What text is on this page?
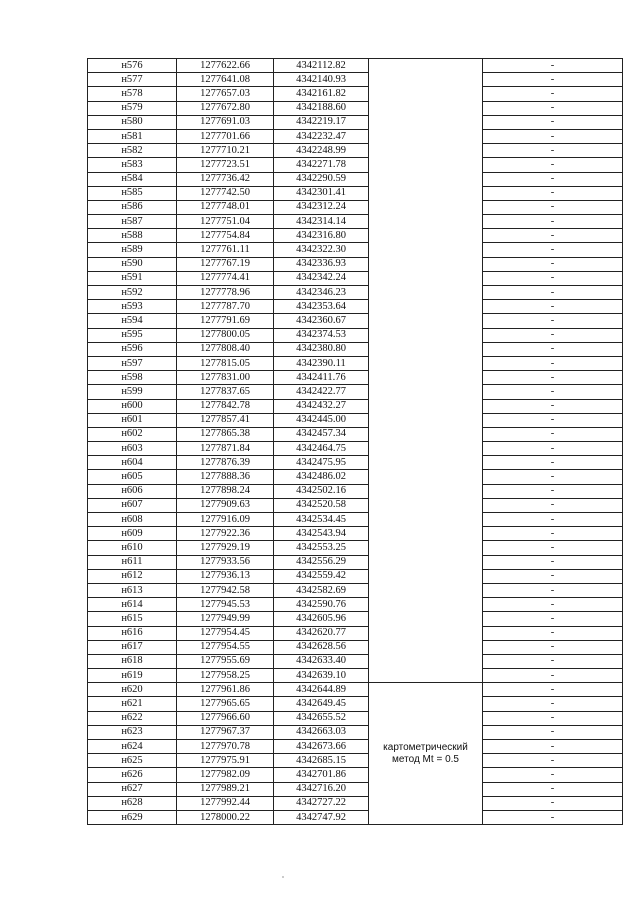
н576	1277622.66	4342112.82		-
н577	1277641.08	4342140.93		-
н578	1277657.03	4342161.82		-
н579	1277672.80	4342188.60		-
н580	1277691.03	4342219.17		-
н581	1277701.66	4342232.47		-
н582	1277710.21	4342248.99		-
н583	1277723.51	4342271.78		-
н584	1277736.42	4342290.59		-
н585	1277742.50	4342301.41		-
н586	1277748.01	4342312.24		-
н587	1277751.04	4342314.14		-
н588	1277754.84	4342316.80		-
н589	1277761.11	4342322.30		-
н590	1277767.19	4342336.93		-
н591	1277774.41	4342342.24		-
н592	1277778.96	4342346.23		-
н593	1277787.70	4342353.64		-
н594	1277791.69	4342360.67		-
н595	1277800.05	4342374.53		-
н596	1277808.40	4342380.80		-
н597	1277815.05	4342390.11		-
н598	1277831.00	4342411.76		-
н599	1277837.65	4342422.77		-
н600	1277842.78	4342432.27		-
н601	1277857.41	4342445.00		-
н602	1277865.38	4342457.34		-
н603	1277871.84	4342464.75		-
н604	1277876.39	4342475.95		-
н605	1277888.36	4342486.02		-
н606	1277898.24	4342502.16		-
н607	1277909.63	4342520.58		-
н608	1277916.09	4342534.45		-
н609	1277922.36	4342543.94		-
н610	1277929.19	4342553.25		-
н611	1277933.56	4342556.29		-
н612	1277936.13	4342559.42		-
н613	1277942.58	4342582.69		-
н614	1277945.53	4342590.76		-
н615	1277949.99	4342605.96		-
н616	1277954.45	4342620.77		-
н617	1277954.55	4342628.56		-
н618	1277955.69	4342633.40		-
н619	1277958.25	4342639.10		-
н620	1277961.86	4342644.89	картометрический метод Mt = 0.5	-
н621	1277965.65	4342649.45		-
н622	1277966.60	4342655.52		-
н623	1277967.37	4342663.03		-
н624	1277970.78	4342673.66		-
н625	1277975.91	4342685.15		-
н626	1277982.09	4342701.86		-
н627	1277989.21	4342716.20		-
н628	1277992.44	4342727.22		-
н629	1278000.22	4342747.92		-
